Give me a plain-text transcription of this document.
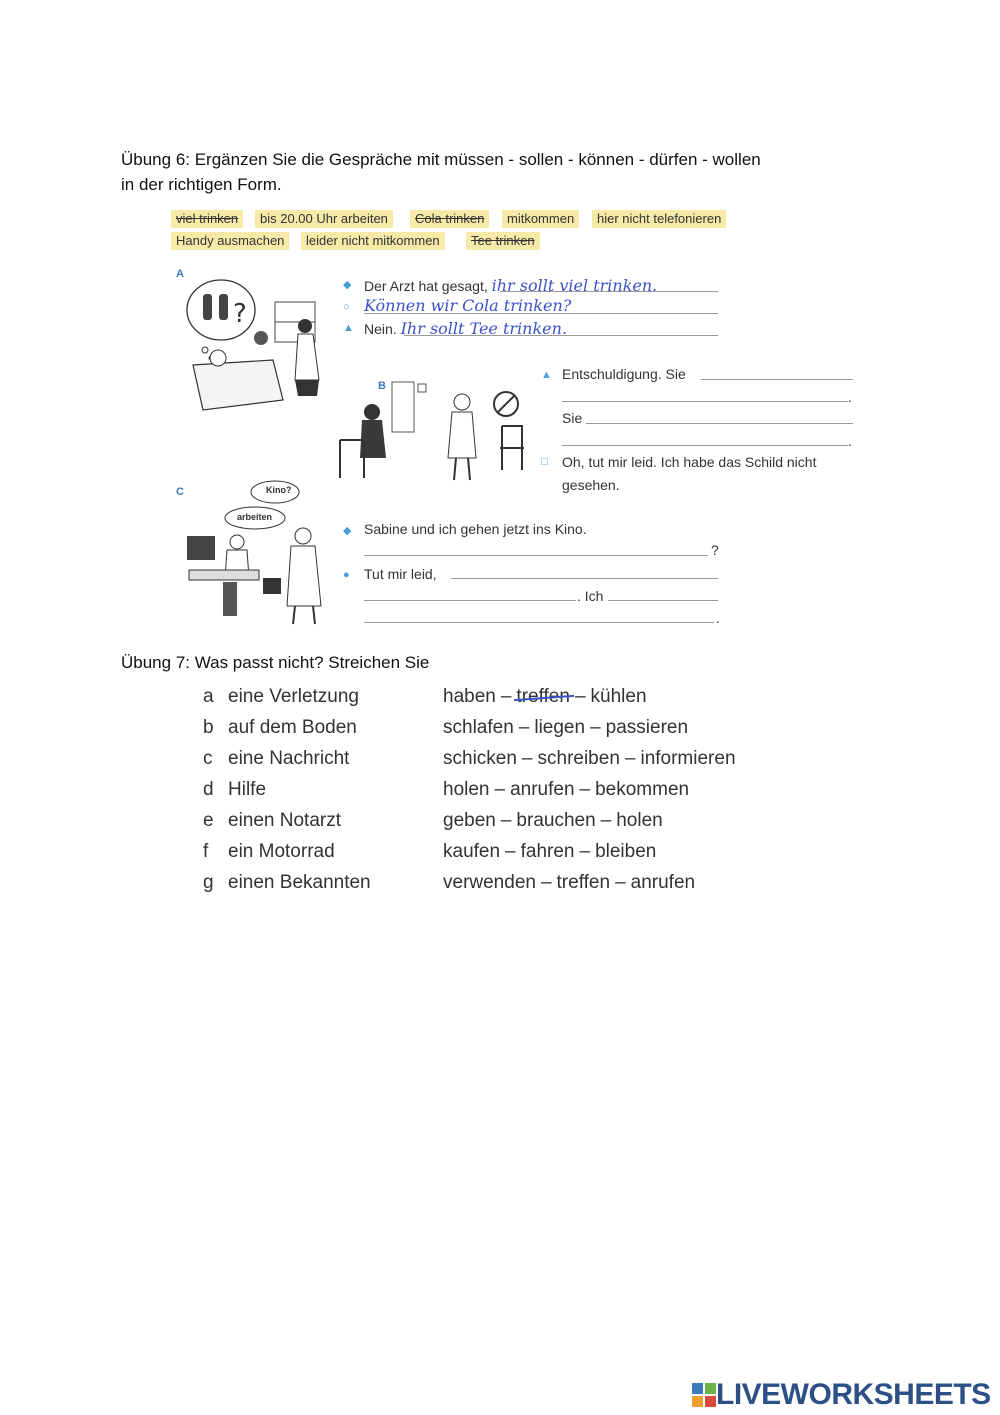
Übung 6: Ergänzen Sie die Gespräche mit müssen - sollen - können - dürfen - wollen
in der richtigen Form.
viel trinken	bis 20.00 Uhr arbeiten	Cola trinken	mitkommen	hier nicht telefonieren
Handy ausmachen	leider nicht mitkommen	Tee trinken
A
B
C
?
◆ Der Arzt hat gesagt, ihr sollt viel trinken.
○ Können wir Cola trinken?
▲ Nein. Ihr sollt Tee trinken.
▲ Entschuldigung. Sie
.
Sie
.
□ Oh, tut mir leid. Ich habe das Schild nicht
gesehen.
Kino?
arbeiten
◆ Sabine und ich gehen jetzt ins Kino.
?
● Tut mir leid,
. Ich
.
Übung 7: Was passt nicht? Streichen Sie
a eine Verletzung	haben – treffen – kühlen
b auf dem Boden	schlafen – liegen – passieren
c eine Nachricht	schicken – schreiben – informieren
d Hilfe	holen – anrufen – bekommen
e einen Notarzt	geben – brauchen – holen
f ein Motorrad	kaufen – fahren – bleiben
g einen Bekannten	verwenden – treffen – anrufen
LIVEWORKSHEETS
